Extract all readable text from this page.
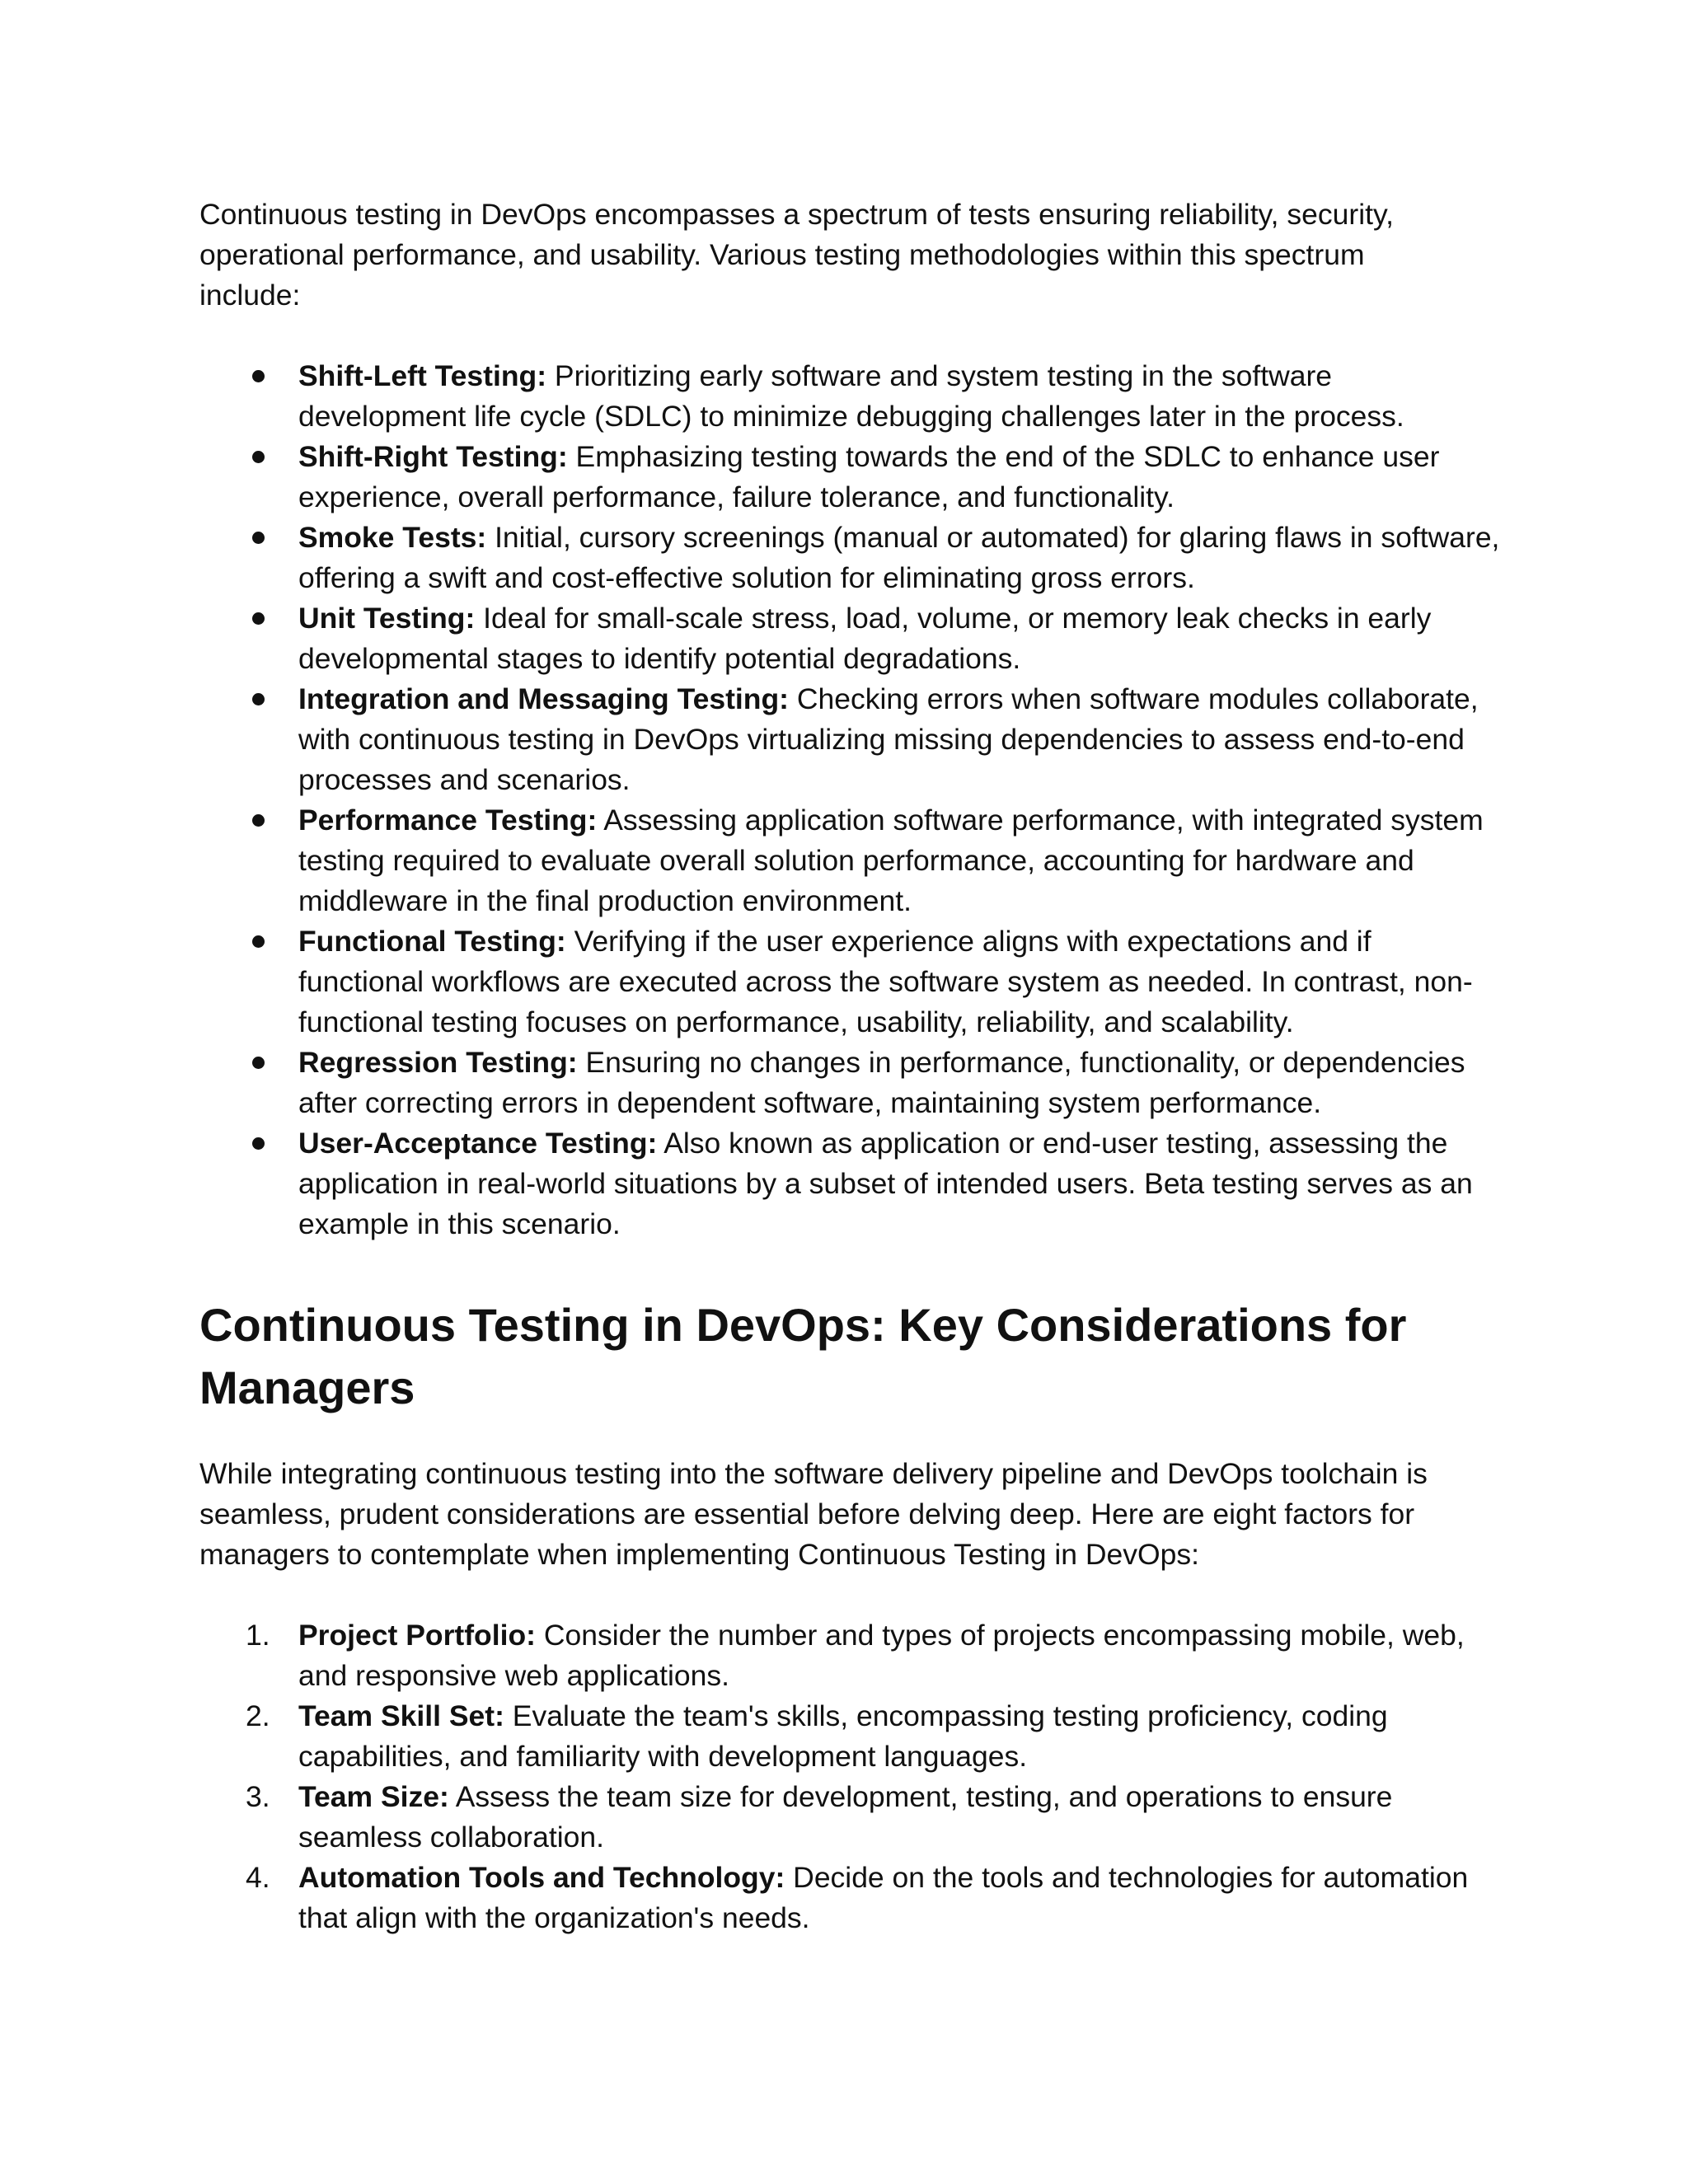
Continuous testing in DevOps encompasses a spectrum of tests ensuring reliability, security, operational performance, and usability. Various testing methodologies within this spectrum include:

Shift-Left Testing: Prioritizing early software and system testing in the software development life cycle (SDLC) to minimize debugging challenges later in the process.
Shift-Right Testing: Emphasizing testing towards the end of the SDLC to enhance user experience, overall performance, failure tolerance, and functionality.
Smoke Tests: Initial, cursory screenings (manual or automated) for glaring flaws in software, offering a swift and cost-effective solution for eliminating gross errors.
Unit Testing: Ideal for small-scale stress, load, volume, or memory leak checks in early developmental stages to identify potential degradations.
Integration and Messaging Testing: Checking errors when software modules collaborate, with continuous testing in DevOps virtualizing missing dependencies to assess end-to-end processes and scenarios.
Performance Testing: Assessing application software performance, with integrated system testing required to evaluate overall solution performance, accounting for hardware and middleware in the final production environment.
Functional Testing: Verifying if the user experience aligns with expectations and if functional workflows are executed across the software system as needed. In contrast, non-functional testing focuses on performance, usability, reliability, and scalability.
Regression Testing: Ensuring no changes in performance, functionality, or dependencies after correcting errors in dependent software, maintaining system performance.
User-Acceptance Testing: Also known as application or end-user testing, assessing the application in real-world situations by a subset of intended users. Beta testing serves as an example in this scenario.
Continuous Testing in DevOps: Key Considerations for Managers

While integrating continuous testing into the software delivery pipeline and DevOps toolchain is seamless, prudent considerations are essential before delving deep. Here are eight factors for managers to contemplate when implementing Continuous Testing in DevOps:

1. Project Portfolio: Consider the number and types of projects encompassing mobile, web, and responsive web applications.
2. Team Skill Set: Evaluate the team's skills, encompassing testing proficiency, coding capabilities, and familiarity with development languages.
3. Team Size: Assess the team size for development, testing, and operations to ensure seamless collaboration.
4. Automation Tools and Technology: Decide on the tools and technologies for automation that align with the organization's needs.
